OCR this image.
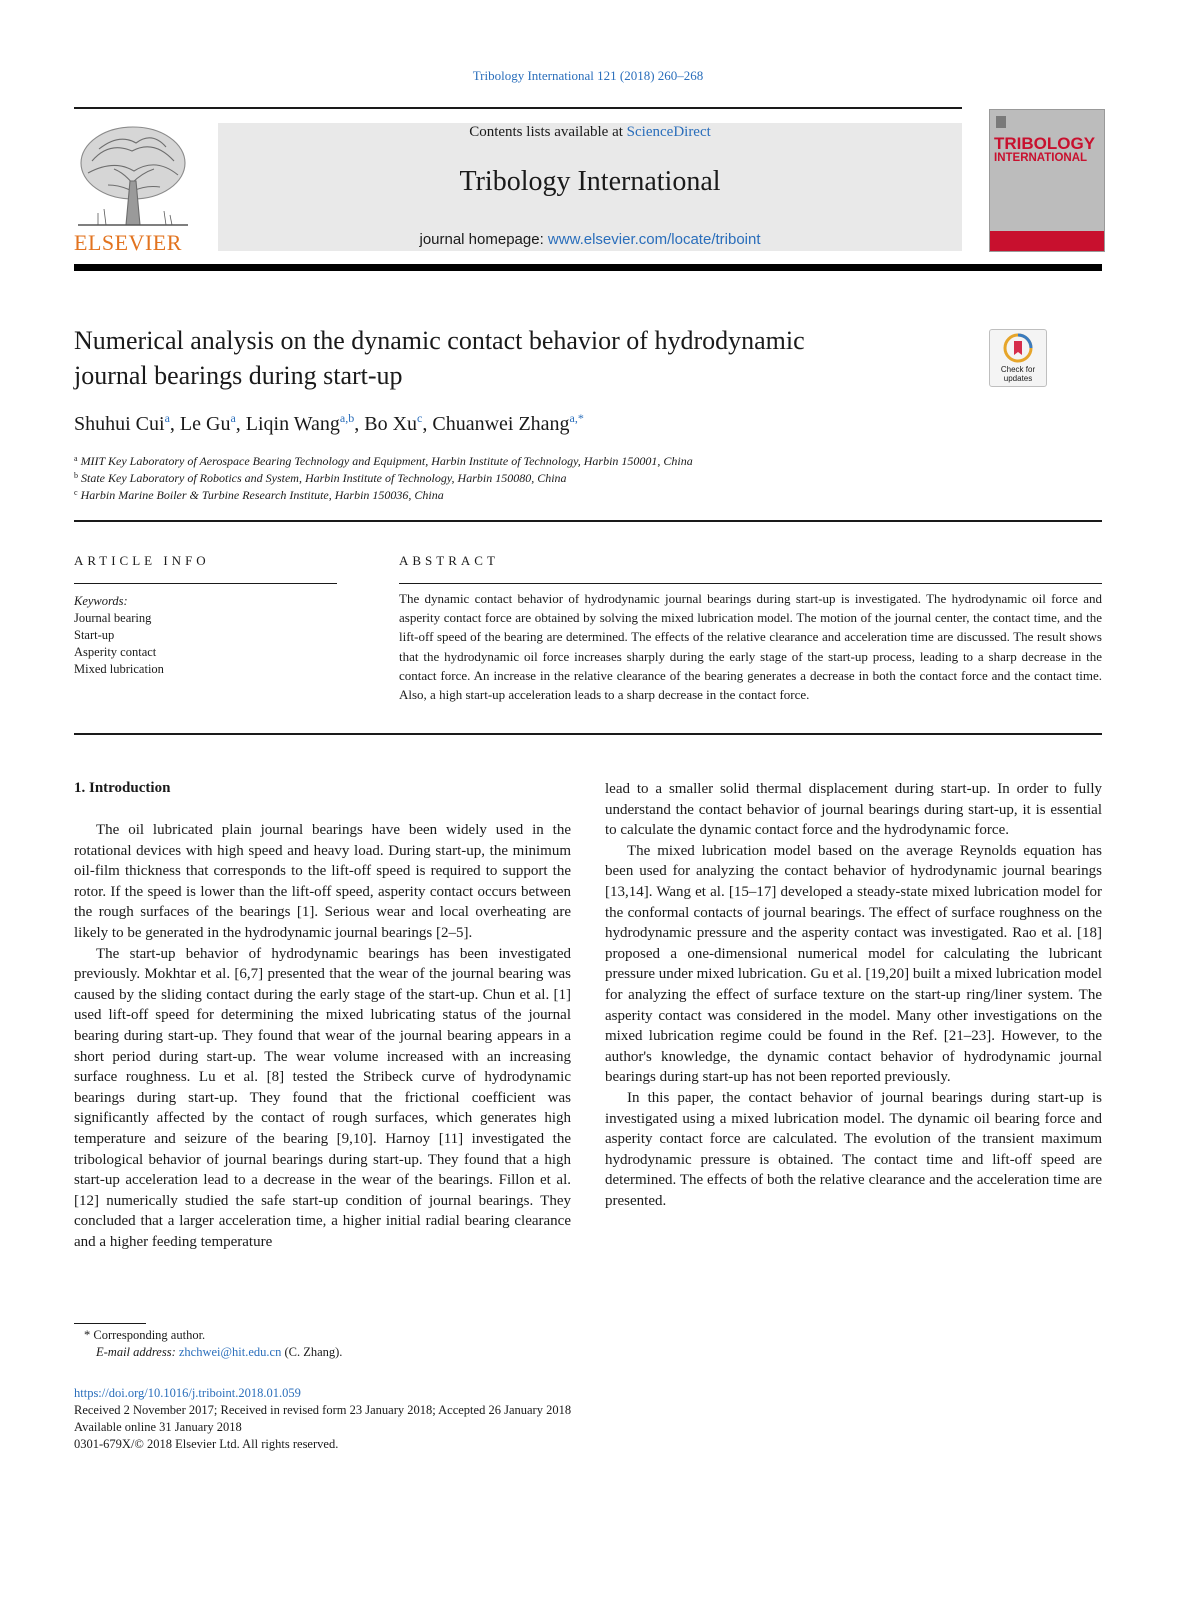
Tribology International 121 (2018) 260–268
ELSEVIER
Contents lists available at ScienceDirect
Tribology International
journal homepage: www.elsevier.com/locate/triboint
TRIBOLOGY
INTERNATIONAL
Numerical analysis on the dynamic contact behavior of hydrodynamic
journal bearings during start-up	Check for
updates
Shuhui Cui$^a$, Le Gu$^a$, Liqin Wang$^{a,b}$, Bo Xu$^c$, Chuanwei Zhang$^{a,*}$
$^a$ MIIT Key Laboratory of Aerospace Bearing Technology and Equipment, Harbin Institute of Technology, Harbin 150001, China
$^b$ State Key Laboratory of Robotics and System, Harbin Institute of Technology, Harbin 150080, China
$^c$ Harbin Marine Boiler & Turbine Research Institute, Harbin 150036, China
ARTICLE INFO
Keywords:
Journal bearing
Start-up
Asperity contact
Mixed lubrication
ABSTRACT
The dynamic contact behavior of hydrodynamic journal bearings during start-up is investigated. The hydrodynamic oil force and asperity contact force are obtained by solving the mixed lubrication model. The motion of the journal center, the contact time, and the lift-off speed of the bearing are determined. The effects of the relative clearance and acceleration time are discussed. The result shows that the hydrodynamic oil force increases sharply during the early stage of the start-up process, leading to a sharp decrease in the contact force. An increase in the relative clearance of the bearing generates a decrease in both the contact force and the contact time. Also, a high start-up acceleration leads to a sharp decrease in the contact force.
1. Introduction

The oil lubricated plain journal bearings have been widely used in the rotational devices with high speed and heavy load. During start-up, the minimum oil-film thickness that corresponds to the lift-off speed is required to support the rotor. If the speed is lower than the lift-off speed, asperity contact occurs between the rough surfaces of the bearings [1]. Serious wear and local overheating are likely to be generated in the hydrodynamic journal bearings [2–5].

The start-up behavior of hydrodynamic bearings has been investigated previously. Mokhtar et al. [6,7] presented that the wear of the journal bearing was caused by the sliding contact during the early stage of the start-up. Chun et al. [1] used lift-off speed for determining the mixed lubricating status of the journal bearing during start-up. They found that wear of the journal bearing appears in a short period during start-up. The wear volume increased with an increasing surface roughness. Lu et al. [8] tested the Stribeck curve of hydrodynamic bearings during start-up. They found that the frictional coefficient was significantly affected by the contact of rough surfaces, which generates high temperature and seizure of the bearing [9,10]. Harnoy [11] investigated the tribological behavior of journal bearings during start-up. They found that a high start-up acceleration lead to a decrease in the wear of the bearings. Fillon et al. [12] numerically studied the safe start-up condition of journal bearings. They concluded that a larger acceleration time, a higher initial radial bearing clearance and a higher feeding temperature

lead to a smaller solid thermal displacement during start-up. In order to fully understand the contact behavior of journal bearings during start-up, it is essential to calculate the dynamic contact force and the hydrodynamic force.

The mixed lubrication model based on the average Reynolds equation has been used for analyzing the contact behavior of hydrodynamic journal bearings [13,14]. Wang et al. [15–17] developed a steady-state mixed lubrication model for the conformal contacts of journal bearings. The effect of surface roughness on the hydrodynamic pressure and the asperity contact was investigated. Rao et al. [18] proposed a one-dimensional numerical model for calculating the lubricant pressure under mixed lubrication. Gu et al. [19,20] built a mixed lubrication model for analyzing the effect of surface texture on the start-up ring/liner system. The asperity contact was considered in the model. Many other investigations on the mixed lubrication regime could be found in the Ref. [21–23]. However, to the author's knowledge, the dynamic contact behavior of hydrodynamic journal bearings during start-up has not been reported previously.

In this paper, the contact behavior of journal bearings during start-up is investigated using a mixed lubrication model. The dynamic oil bearing force and asperity contact force are calculated. The evolution of the transient maximum hydrodynamic pressure is obtained. The contact time and lift-off speed are determined. The effects of both the relative clearance and the acceleration time are presented.

* Corresponding author.
E-mail address: zhchwei@hit.edu.cn (C. Zhang).
https://doi.org/10.1016/j.triboint.2018.01.059
Received 2 November 2017; Received in revised form 23 January 2018; Accepted 26 January 2018
Available online 31 January 2018
0301-679X/© 2018 Elsevier Ltd. All rights reserved.
